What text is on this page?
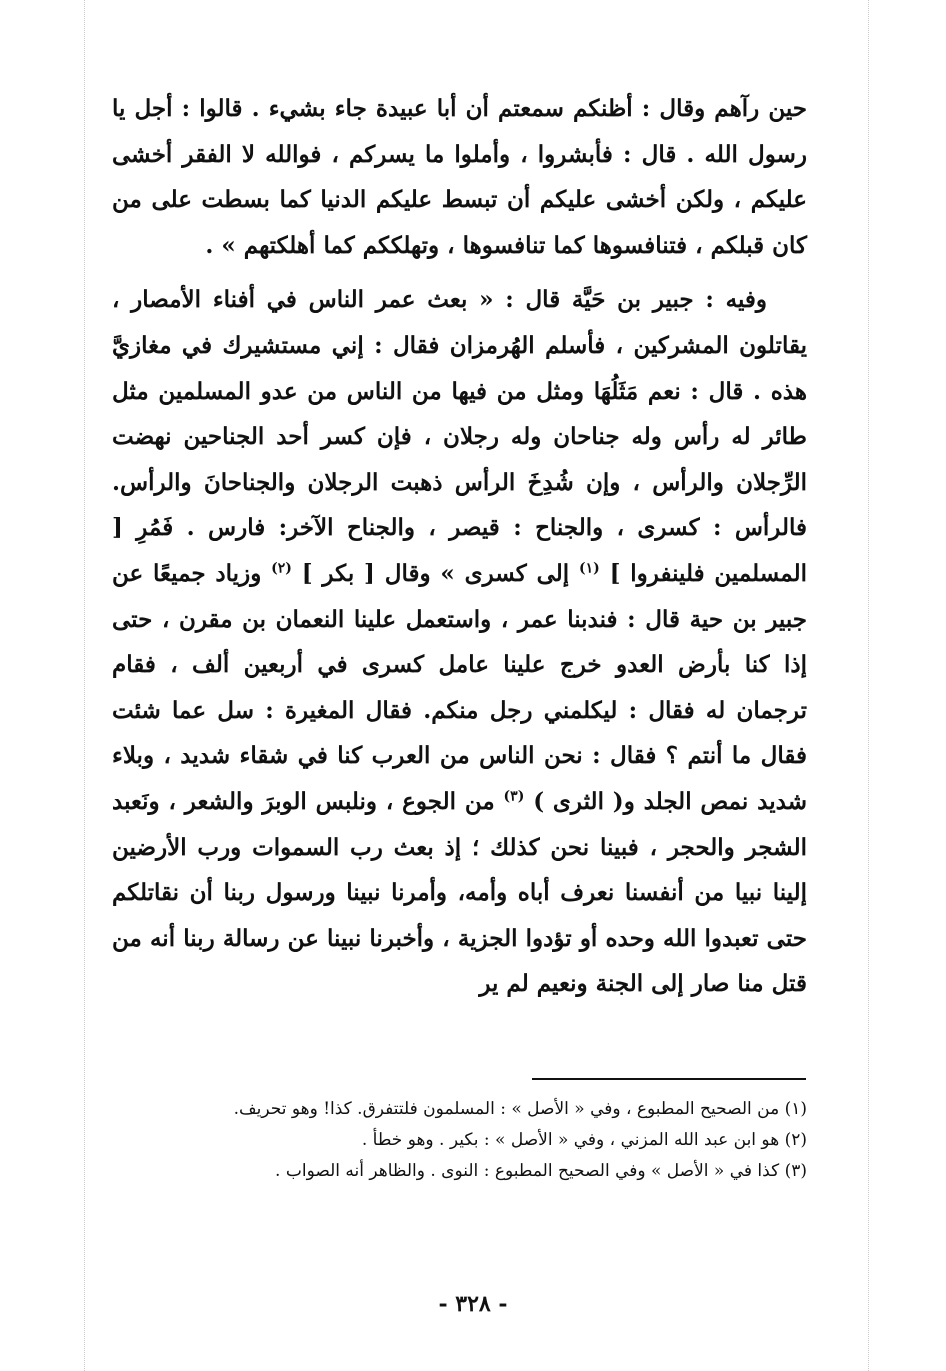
حين رآهم وقال : أظنكم سمعتم أن أبا عبيدة جاء بشيء . قالوا : أجل يا رسول الله . قال : فأبشروا ، وأملوا ما يسركم ، فوالله لا الفقر أخشى عليكم ، ولكن أخشى عليكم أن تبسط عليكم الدنيا كما بسطت على من كان قبلكم ، فتنافسوها كما تنافسوها ، وتهلككم كما أهلكتهم » .

وفيه : جبير بن حَيَّة قال : « بعث عمر الناس في أفناء الأمصار ، يقاتلون المشركين ، فأسلم الهُرمزان فقال : إني مستشيرك في مغازيَّ هذه . قال : نعم مَثَلُهَا ومثل من فيها من الناس من عدو المسلمين مثل طائر له رأس وله جناحان وله رجلان ، فإن كسر أحد الجناحين نهضت الرِّجلان والرأس ، وإن شُدِخَ الرأس ذهبت الرجلان والجناحانَ والرأس. فالرأس : كسرى ، والجناح : قيصر ، والجناح الآخر: فارس . فَمُرِ [ المسلمين فلينفروا ] $^{(١)}$ إلى كسرى » وقال [ بكر ] $^{(٢)}$ وزياد جميعًا عن جبير بن حية قال : فندبنا عمر ، واستعمل علينا النعمان بن مقرن ، حتى إذا كنا بأرض العدو خرج علينا عامل كسرى في أربعين ألف ، فقام ترجمان له فقال : ليكلمني رجل منكم. فقال المغيرة : سل عما شئت فقال ما أنتم ؟ فقال : نحن الناس من العرب كنا في شقاء شديد ، وبلاء شديد نمص الجلد و( الثرى ) $^{(٣)}$ من الجوع ، ونلبس الوبرَ والشعر ، ونَعبد الشجر والحجر ، فبينا نحن كذلك ؛ إذ بعث رب السموات ورب الأرضين إلينا نبيا من أنفسنا نعرف أباه وأمه، وأمرنا نبينا ورسول ربنا أن نقاتلكم حتى تعبدوا الله وحده أو تؤدوا الجزية ، وأخبرنا نبينا عن رسالة ربنا أنه من قتل منا صار إلى الجنة ونعيم لم ير

(١) من الصحيح المطبوع ، وفي « الأصل » : المسلمون فلتتفرق. كذا! وهو تحريف.

(٢) هو ابن عبد الله المزني ، وفي « الأصل » : بكير . وهو خطأ .

(٣) كذا في « الأصل » وفي الصحيح المطبوع : النوى . والظاهر أنه الصواب .

- ٣٢٨ -
